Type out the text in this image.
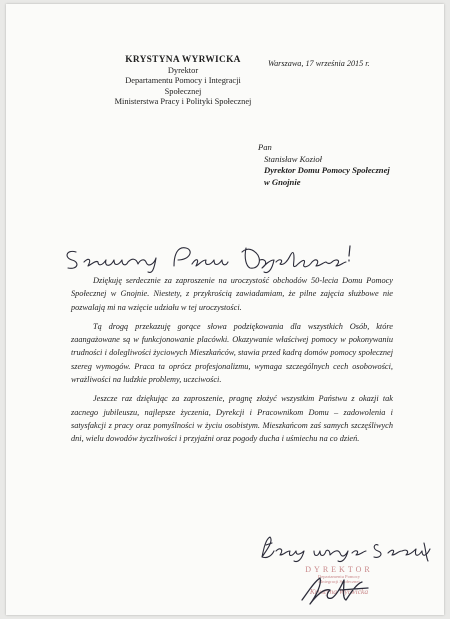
KRYSTYNA WYRWICKA
Dyrektor
Departamentu Pomocy i Integracji
Społecznej
Ministerstwa Pracy i Polityki Społecznej
Warszawa, 17 września 2015 r.
Pan
Stanisław Kozioł
Dyrektor Domu Pomocy Społecznej
w Gnojnie

Dziękuję serdecznie za zaproszenie na uroczystość obchodów 50-lecia Domu Pomocy Społecznej w Gnojnie. Niestety, z przykrością zawiadamiam, że pilne zajęcia służbowe nie pozwalają mi na wzięcie udziału w tej uroczystości.

Tą drogą przekazuję gorące słowa podziękowania dla wszystkich Osób, które zaangażowane są w funkcjonowanie placówki. Okazywanie właściwej pomocy w pokonywaniu trudności i dolegliwości życiowych Mieszkańców, stawia przed kadrą domów pomocy społecznej szereg wymogów. Praca ta oprócz profesjonalizmu, wymaga szczególnych cech osobowości, wrażliwości na ludzkie problemy, uczciwości.

Jeszcze raz dziękując za zaproszenie, pragnę złożyć wszystkim Państwu z okazji tak zacnego jubileuszu, najlepsze życzenia, Dyrekcji i Pracownikom Domu – zadowolenia i satysfakcji z pracy oraz pomyślności w życiu osobistym. Mieszkańcom zaś samych szczęśliwych dni, wielu dowodów życzliwości i przyjaźni oraz pogody ducha i uśmiechu na co dzień.

DYREKTOR
Departamentu Pomocy
i Integracji Społecznej
Krystyna Wyrwicka
